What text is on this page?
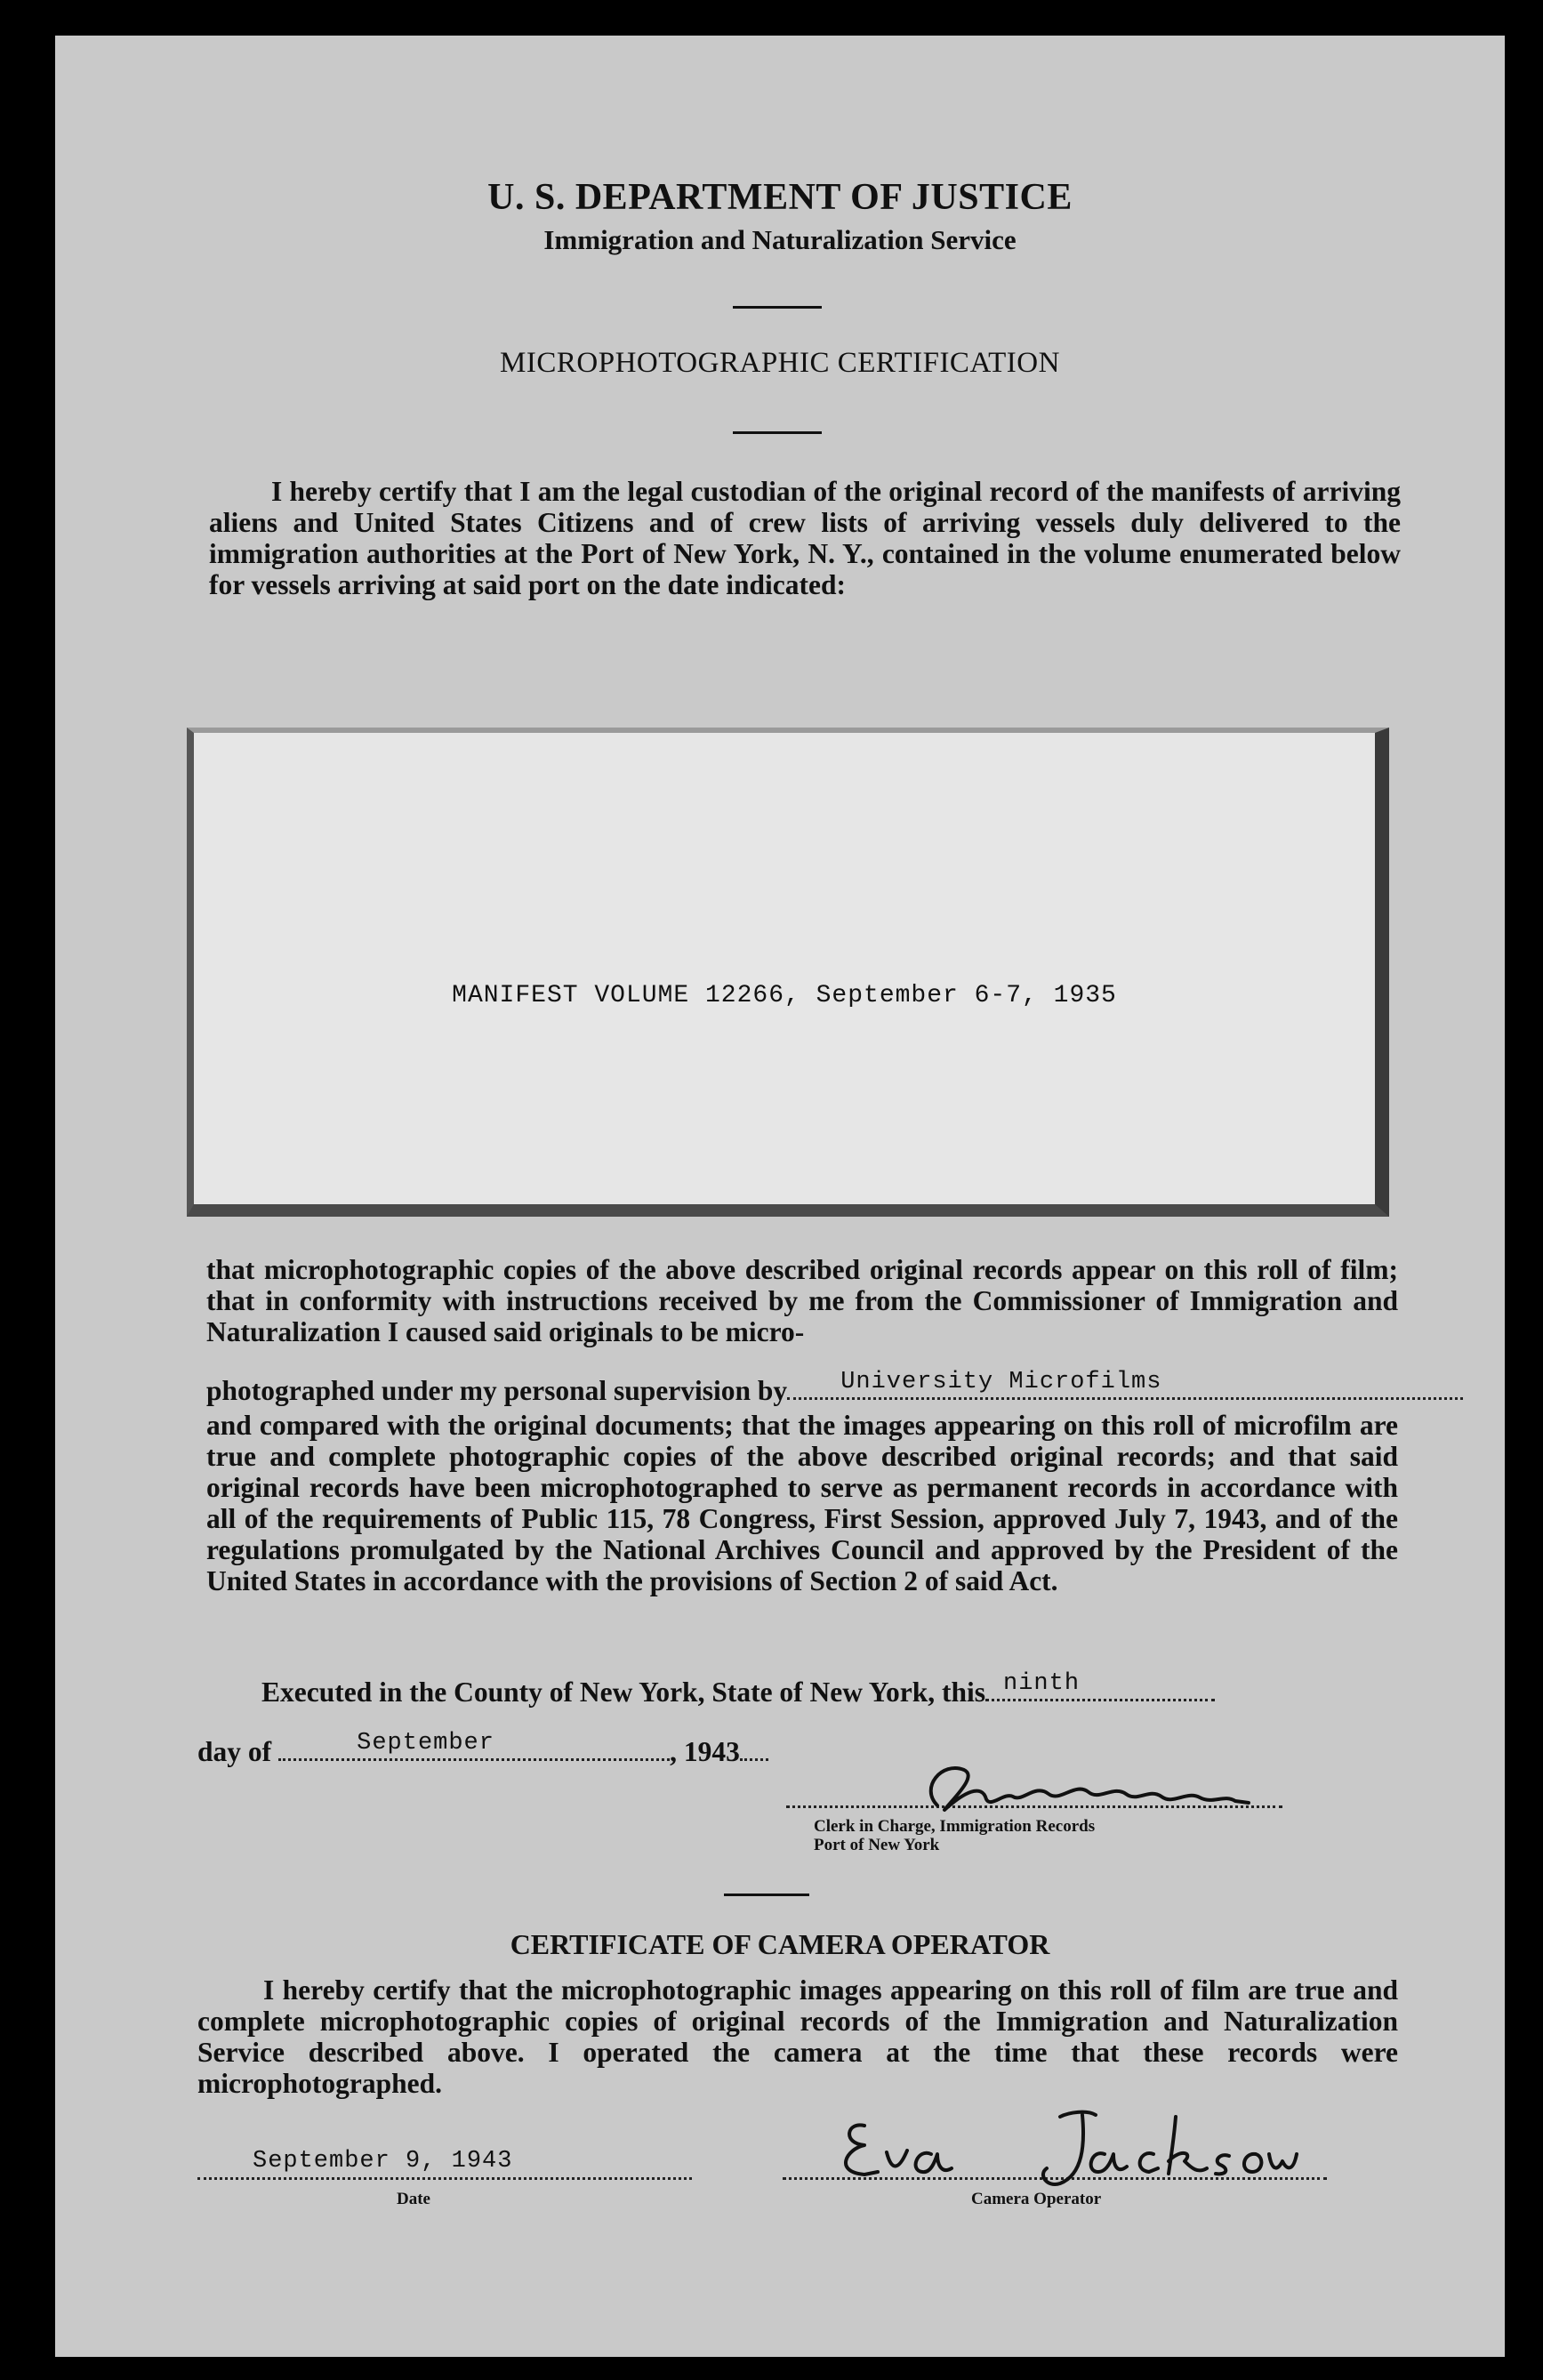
U. S. DEPARTMENT OF JUSTICE
Immigration and Naturalization Service
MICROPHOTOGRAPHIC CERTIFICATION

I hereby certify that I am the legal custodian of the original record of the manifests of arriving aliens and United States Citizens and of crew lists of arriving vessels duly delivered to the immigration authorities at the Port of New York, N. Y., contained in the volume enumerated below for vessels arriving at said port on the date indicated:

MANIFEST VOLUME 12266, September 6-7, 1935

that microphotographic copies of the above described original records appear on this roll of film; that in conformity with instructions received by me from the Commissioner of Immigration and Naturalization I caused said originals to be micro-

photographed under my personal supervision by University Microfilms

and compared with the original documents; that the images appearing on this roll of microfilm are true and complete photographic copies of the above described original records; and that said original records have been microphotographed to serve as permanent records in accordance with all of the requirements of Public 115, 78 Congress, First Session, approved July 7, 1943, and of the regulations promulgated by the National Archives Council and approved by the President of the United States in accordance with the provisions of Section 2 of said Act.

Executed in the County of New York, State of New York, this ninth
day of	September	, 1943
Clerk in Charge, Immigration Records
Port of New York
CERTIFICATE OF CAMERA OPERATOR

I hereby certify that the microphotographic images appearing on this roll of film are true and complete microphotographic copies of original records of the Immigration and Naturalization Service described above. I operated the camera at the time that these records were microphotographed.

September 9, 1943
Date	Camera Operator
